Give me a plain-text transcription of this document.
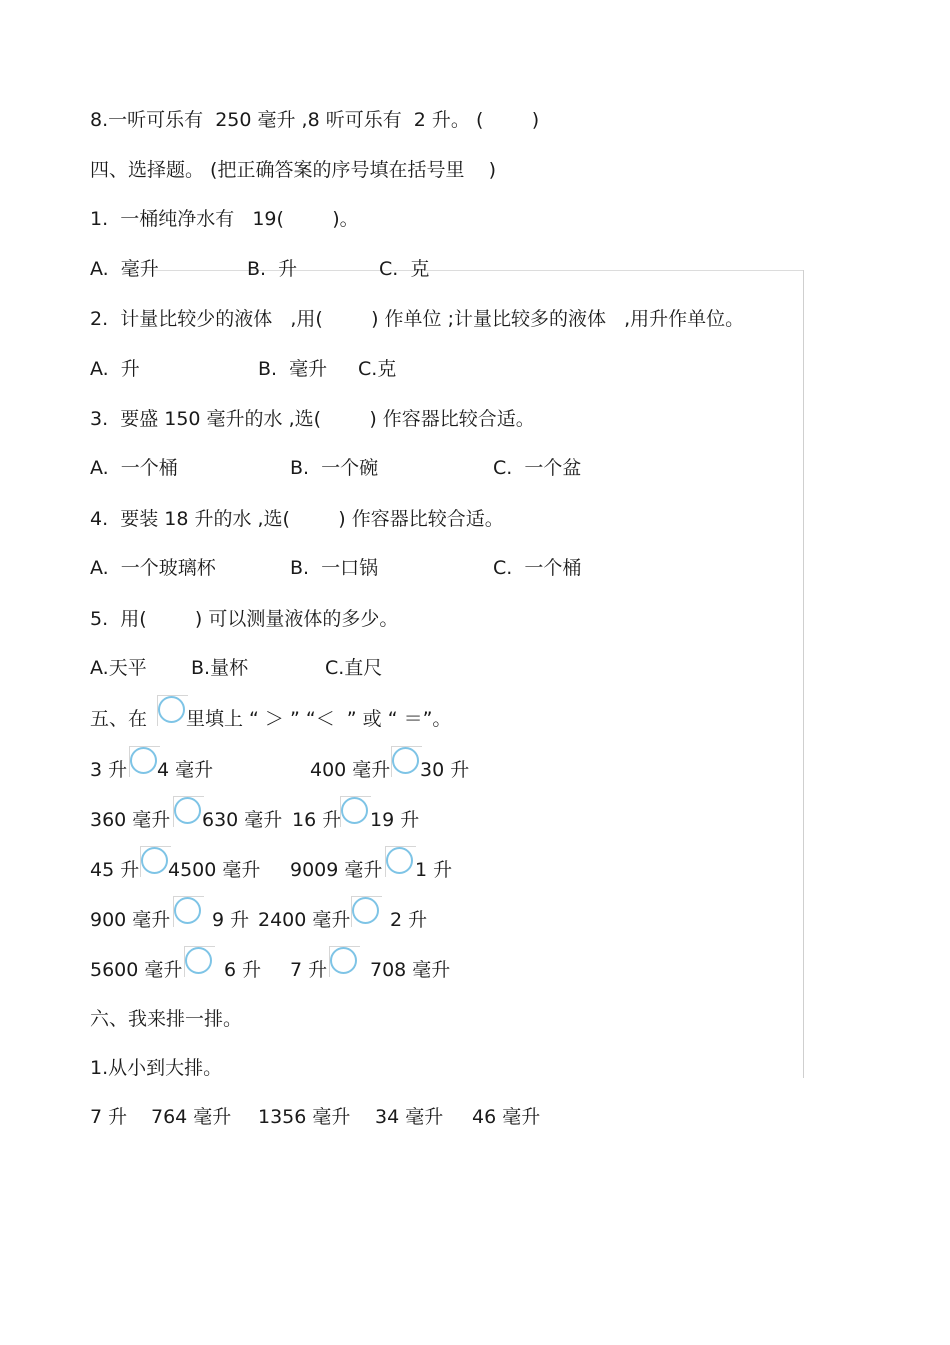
8.一听可乐有  250 毫升 ,8 听可乐有  2 升。 (        )
四、选择题。 (把正确答案的序号填在括号里    )
1.  一桶纯净水有   19(        )。

A.  毫升

	B.  升

	C.  克

2.  计量比较少的液体   ,用(        ) 作单位 ;计量比较多的液体   ,用升作单位。

A.  升

	B.  毫升

C.克

3.  要盛 150 毫升的水 ,选(        ) 作容器比较合适。

A.  一个桶

	B.  一个碗

	C.  一个盆

4.  要装 18 升的水 ,选(        ) 作容器比较合适。

A.  一个玻璃杯

	B.  一口锅

	C.  一个桶

5.  用(        ) 可以测量液体的多少。

A.天平

B.量杯

	C.直尺

五、在

里填上 “ ＞ ” “＜  ” 或 “ ＝”。

3 升

4 毫升

	400 毫升

30 升

360 毫升

630 毫升

16 升

19 升

45 升

4500 毫升

9009 毫升

1 升

900 毫升

9 升

2400 毫升

2 升

5600 毫升

6 升

7 升

708 毫升

六、我来排一排。
1.从小到大排。

7 升

764 毫升

1356 毫升

34 毫升

46 毫升
